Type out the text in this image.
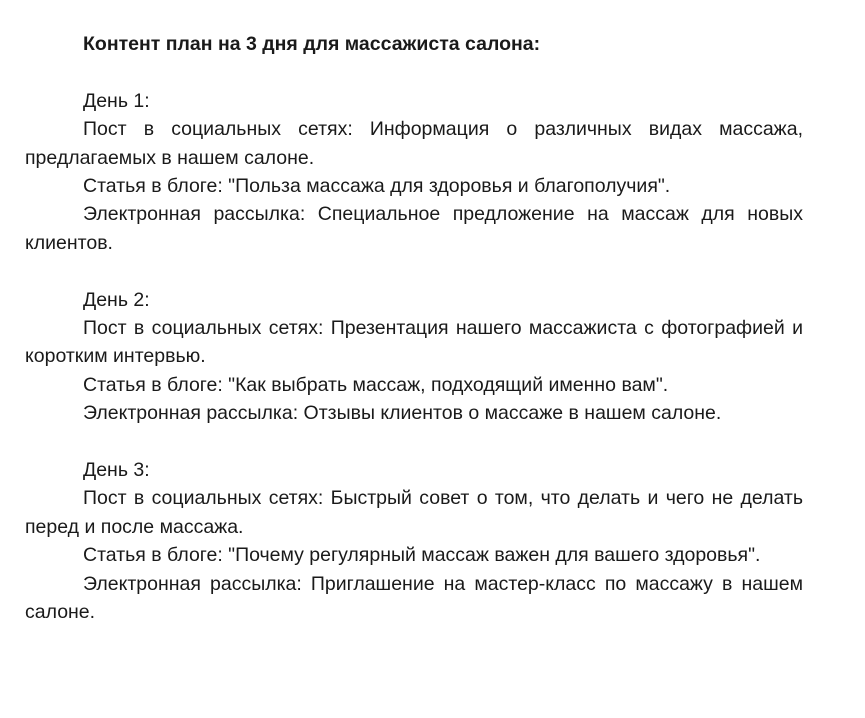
Контент план на 3 дня для массажиста салона:
День 1:

Пост в социальных сетях: Информация о различных видах массажа, предлагаемых в нашем салоне.

Статья в блоге: "Польза массажа для здоровья и благополучия".

Электронная рассылка: Специальное предложение на массаж для новых клиентов.

День 2:

Пост в социальных сетях: Презентация нашего массажиста с фотографией и коротким интервью.

Статья в блоге: "Как выбрать массаж, подходящий именно вам".

Электронная рассылка: Отзывы клиентов о массаже в нашем салоне.

День 3:

Пост в социальных сетях: Быстрый совет о том, что делать и чего не делать перед и после массажа.

Статья в блоге: "Почему регулярный массаж важен для вашего здоровья".

Электронная рассылка: Приглашение на мастер-класс по массажу в нашем салоне.
